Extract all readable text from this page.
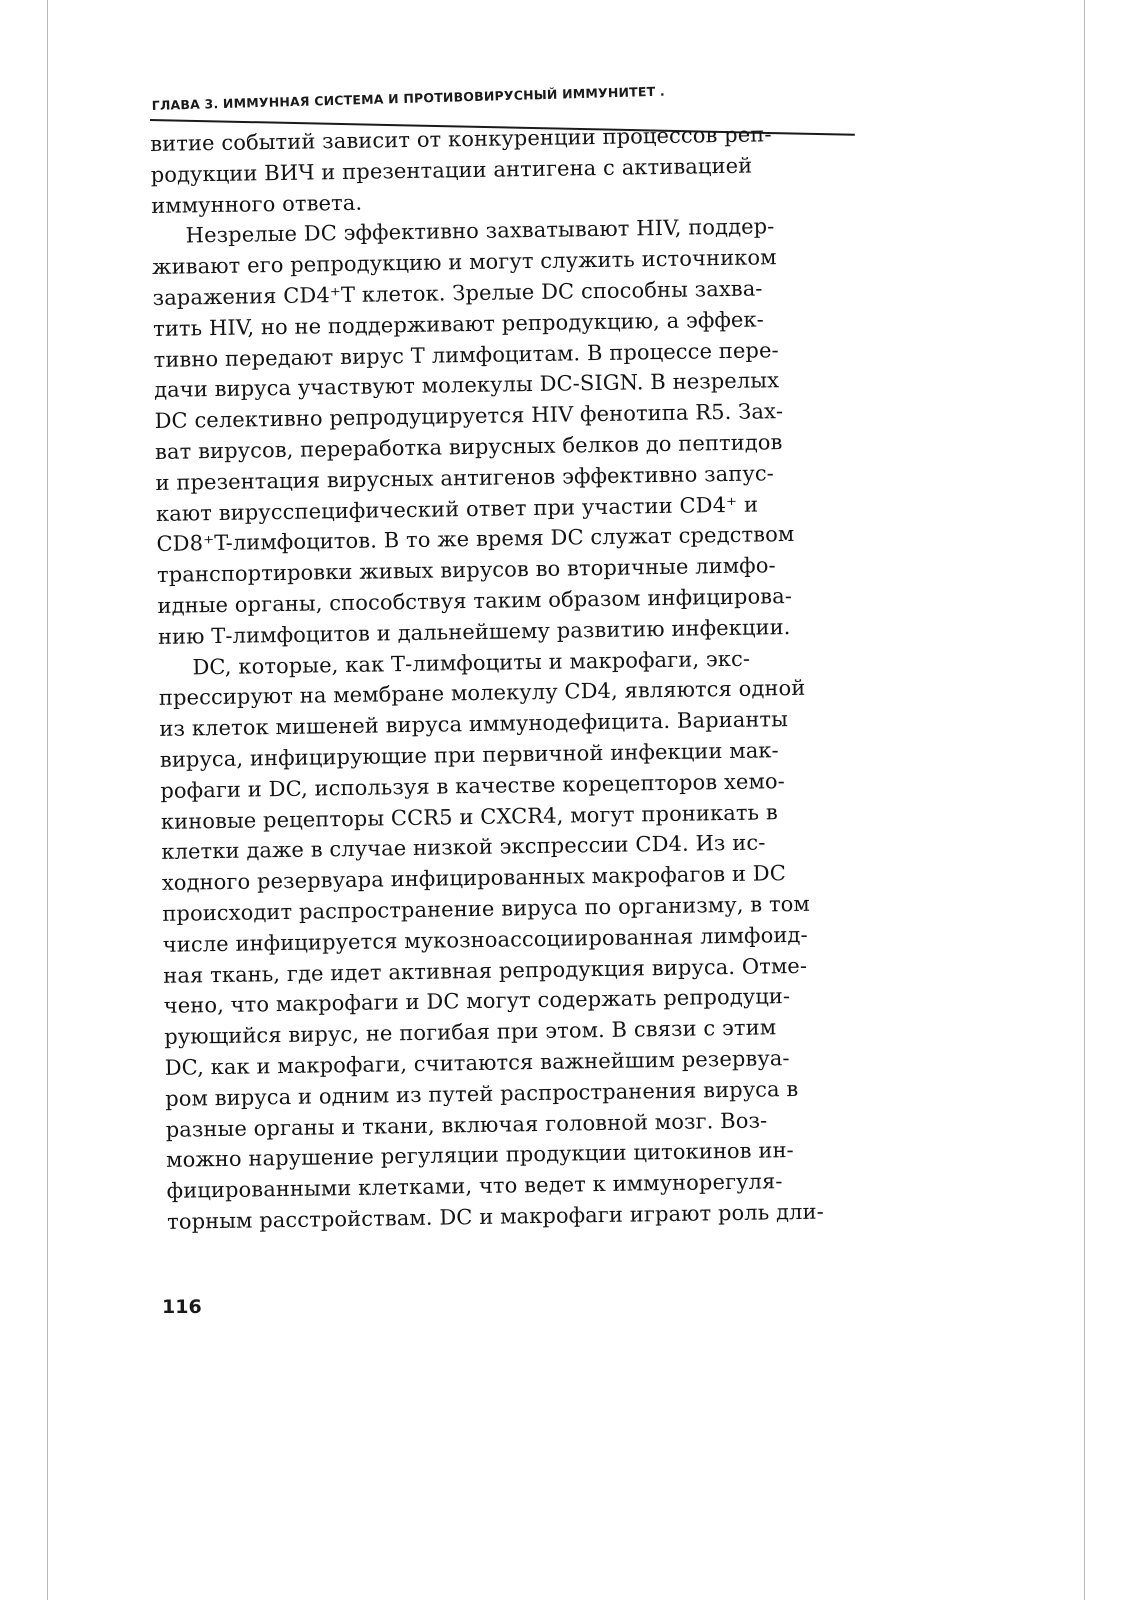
ГЛАВА 3. ИММУННАЯ СИСТЕМА И ПРОТИВОВИРУСНЫЙ ИММУНИТЕТ .
витие событий зависит от конкуренции процессов реп-
родукции ВИЧ и презентации антигена с активацией
иммунного ответа.
Незрелые DC эффективно захватывают HIV, поддер-
живают его репродукцию и могут служить источником
заражения CD4⁺T клеток. Зрелые DC способны захва-
тить HIV, но не поддерживают репродукцию, а эффек-
тивно передают вирус Т лимфоцитам. В процессе пере-
дачи вируса участвуют молекулы DC-SIGN. В незрелых
DC селективно репродуцируется HIV фенотипа R5. Зах-
ват вирусов, переработка вирусных белков до пептидов
и презентация вирусных антигенов эффективно запус-
кают вирусспецифический ответ при участии CD4⁺ и
CD8⁺T-лимфоцитов. В то же время DC служат средством
транспортировки живых вирусов во вторичные лимфо-
идные органы, способствуя таким образом инфицирова-
нию Т-лимфоцитов и дальнейшему развитию инфекции.
DC, которые, как Т-лимфоциты и макрофаги, экс-
прессируют на мембране молекулу CD4, являются одной
из клеток мишеней вируса иммунодефицита. Варианты
вируса, инфицирующие при первичной инфекции мак-
рофаги и DC, используя в качестве корецепторов хемо-
киновые рецепторы CCR5 и CXCR4, могут проникать в
клетки даже в случае низкой экспрессии CD4. Из ис-
ходного резервуара инфицированных макрофагов и DC
происходит распространение вируса по организму, в том
числе инфицируется мукозноассоциированная лимфоид-
ная ткань, где идет активная репродукция вируса. Отме-
чено, что макрофаги и DC могут содержать репродуци-
рующийся вирус, не погибая при этом. В связи с этим
DC, как и макрофаги, считаются важнейшим резервуа-
ром вируса и одним из путей распространения вируса в
разные органы и ткани, включая головной мозг. Воз-
можно нарушение регуляции продукции цитокинов ин-
фицированными клетками, что ведет к иммунорегуля-
торным расстройствам. DC и макрофаги играют роль дли-
116
